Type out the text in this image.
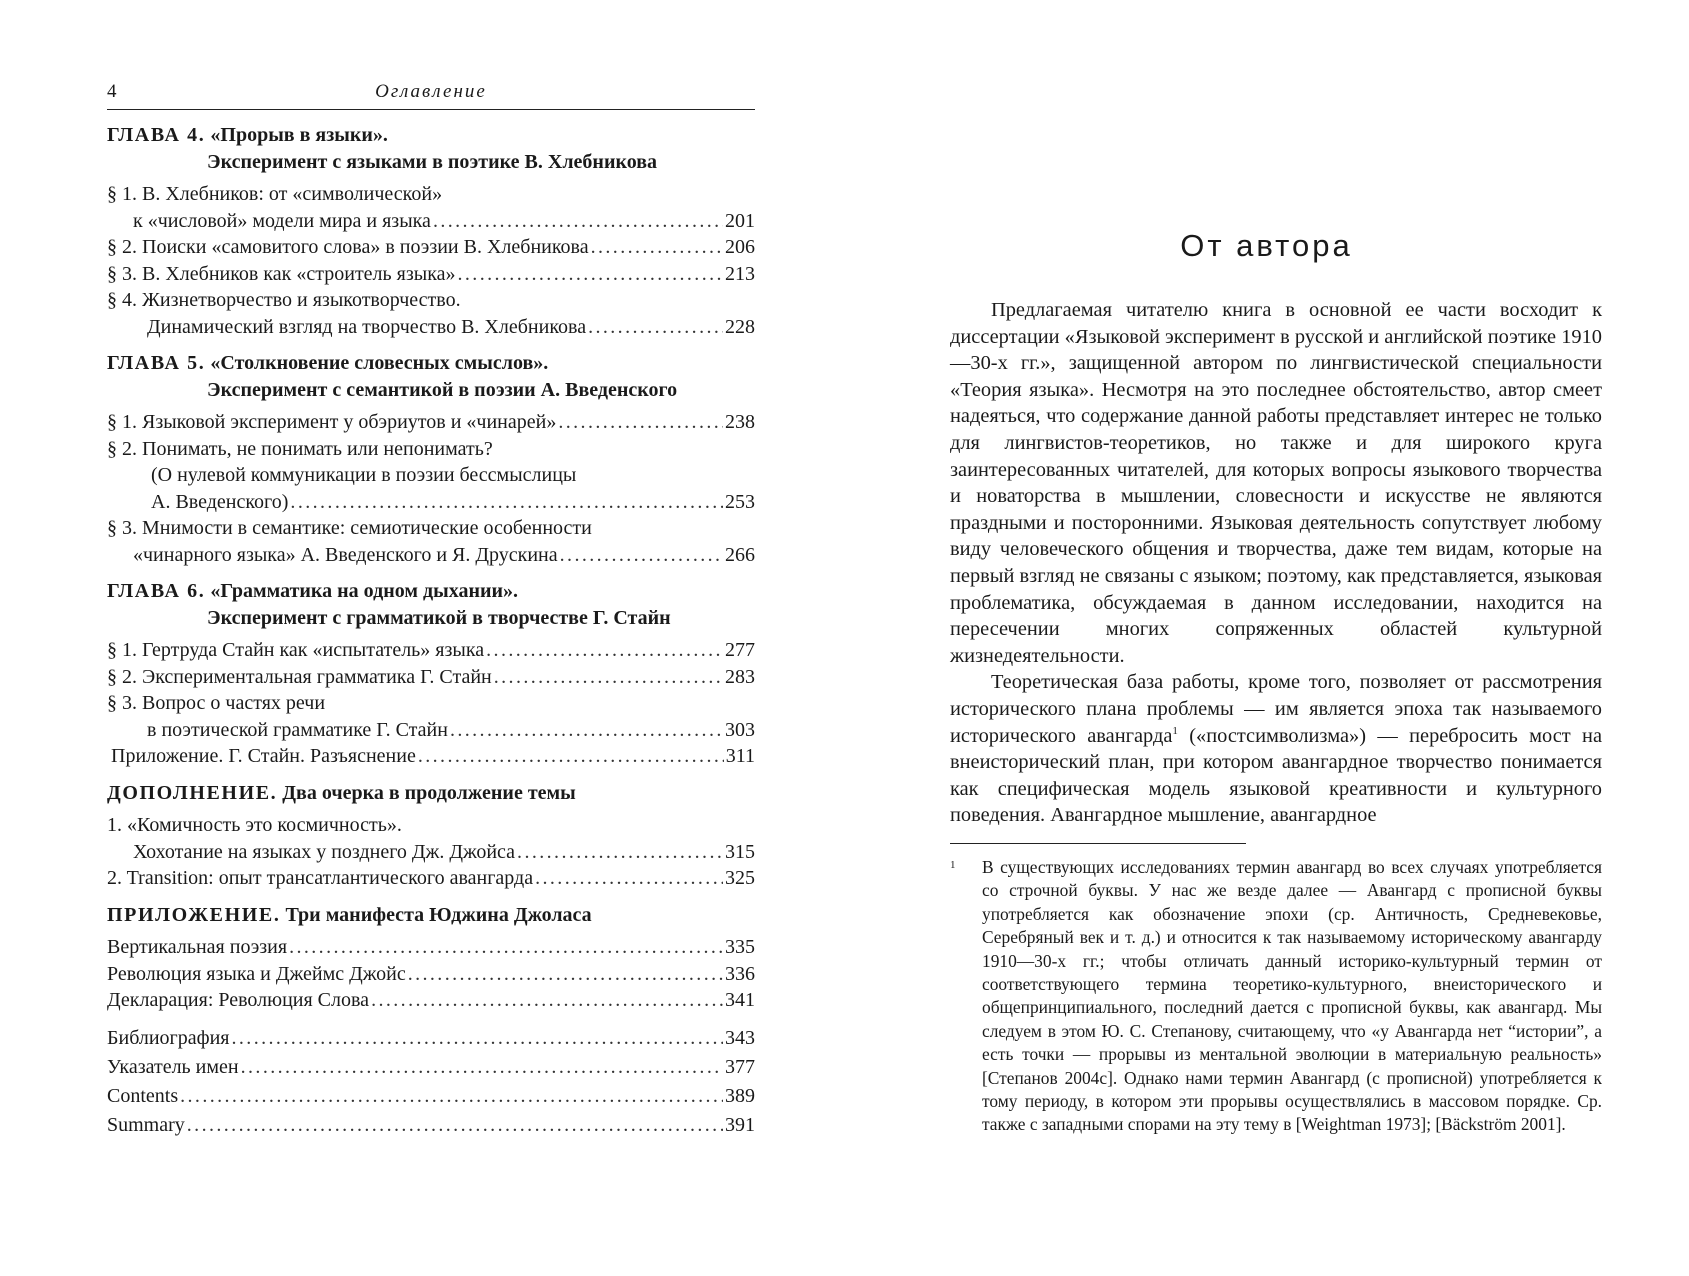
4	Оглавление
ГЛАВА 4. «Прорыв в языки».
Эксперимент с языками в поэтике В. Хлебникова
§ 1. В. Хлебников: от «символической»
к «числовой» модели мира и языка . . .	201
§ 2. Поиски «самовитого слова» в поэзии В. Хлебникова . . .	206
§ 3. В. Хлебников как «строитель языка» . . .	213
§ 4. Жизнетворчество и языкотворчество.
Динамический взгляд на творчество В. Хлебникова . . .	228
ГЛАВА 5. «Столкновение словесных смыслов».
Эксперимент с семантикой в поэзии А. Введенского
§ 1. Языковой эксперимент у обэриутов и «чинарей» . . .	238
§ 2. Понимать, не понимать или непонимать?
(О нулевой коммуникации в поэзии бессмыслицы
А. Введенского) . . .	253
§ 3. Мнимости в семантике: семиотические особенности
«чинарного языка» А. Введенского и Я. Друскина . . .	266
ГЛАВА 6. «Грамматика на одном дыхании».
Эксперимент с грамматикой в творчестве Г. Стайн
§ 1. Гертруда Стайн как «испытатель» языка . . .	277
§ 2. Экспериментальная грамматика Г. Стайн . . .	283
§ 3. Вопрос о частях речи
в поэтической грамматике Г. Стайн . . .	303
Приложение. Г. Стайн. Разъяснение . . .	311
ДОПОЛНЕНИЕ. Два очерка в продолжение темы
1. «Комичность это космичность».
Хохотание на языках у позднего Дж. Джойса . . .	315
2. Transition: опыт трансатлантического авангарда . . .	325
ПРИЛОЖЕНИЕ. Три манифеста Юджина Джоласа
Вертикальная поэзия . . .	335
Революция языка и Джеймс Джойс . . .	336
Декларация: Революция Слова . . .	341
Библиография . . .	343
Указатель имен . . .	377
Contents . . .	389
Summary . . .	391
От автора

Предлагаемая читателю книга в основной ее части восходит к диссертации «Языковой эксперимент в русской и английской поэтике 1910—30-х гг.», защищенной автором по лингвистической специальности «Теория языка». Несмотря на это последнее обстоятельство, автор смеет надеяться, что содержание данной работы представляет интерес не только для лингвистов-теоретиков, но также и для широкого круга заинтересованных читателей, для которых вопросы языкового творчества и новаторства в мышлении, словесности и искусстве не являются праздными и посторонними. Языковая деятельность сопутствует любому виду человеческого общения и творчества, даже тем видам, которые на первый взгляд не связаны с языком; поэтому, как представляется, языковая проблематика, обсуждаемая в данном исследовании, находится на пересечении многих сопряженных областей культурной жизнедеятельности.

Теоретическая база работы, кроме того, позволяет от рассмотрения исторического плана проблемы — им является эпоха так называемого исторического авангарда$^1$ («постсимволизма») — перебросить мост на внеисторический план, при котором авангардное творчество понимается как специфическая модель языковой креативности и культурного поведения. Авангардное мышление, авангардное

1 В существующих исследованиях термин авангард во всех случаях употребляется со строчной буквы. У нас же везде далее — Авангард с прописной буквы употребляется как обозначение эпохи (ср. Античность, Средневековье, Серебряный век и т. д.) и относится к так называемому историческому авангарду 1910—30-х гг.; чтобы отличать данный историко-культурный термин от соответствующего термина теоретико-культурного, внеисторического и общепринципиального, последний дается с прописной буквы, как авангард. Мы следуем в этом Ю. С. Степанову, считающему, что «у Авангарда нет “истории”, а есть точки — прорывы из ментальной эволюции в материальную реальность» [Степанов 2004с]. Однако нами термин Авангард (с прописной) употребляется к тому периоду, в котором эти прорывы осуществлялись в массовом порядке. Ср. также с западными спорами на эту тему в [Weightman 1973]; [Bäckström 2001].
